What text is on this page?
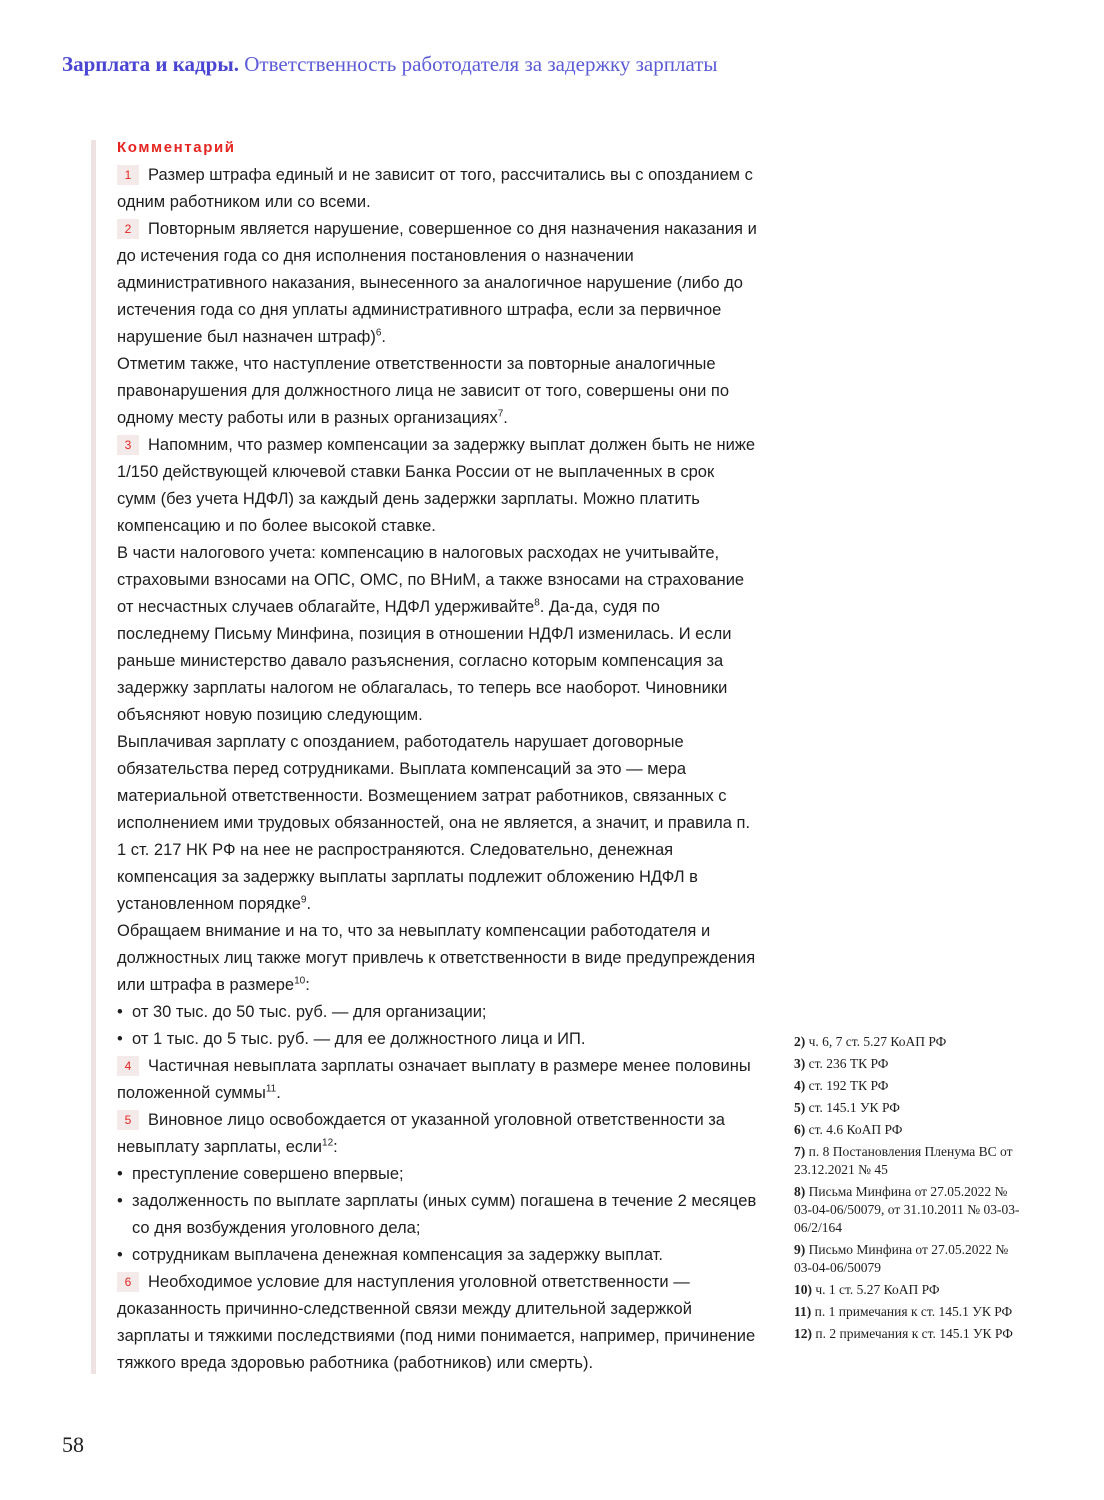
Зарплата и кадры. Ответственность работодателя за задержку зарплаты
Комментарий

1 Размер штрафа единый и не зависит от того, рассчитались вы с опозданием с одним работником или со всеми.

2 Повторным является нарушение, совершенное со дня назначения наказания и до истечения года со дня исполнения постановления о назначении административного наказания, вынесенного за аналогичное нарушение (либо до истечения года со дня уплаты административного штрафа, если за первичное нарушение был назначен штраф)$^6$.

Отметим также, что наступление ответственности за повторные аналогичные правонарушения для должностного лица не зависит от того, совершены они по одному месту работы или в разных организациях$^7$.

3 Напомним, что размер компенсации за задержку выплат должен быть не ниже 1/150 действующей ключевой ставки Банка России от не выплаченных в срок сумм (без учета НДФЛ) за каждый день задержки зарплаты. Можно платить компенсацию и по более высокой ставке.

В части налогового учета: компенсацию в налоговых расходах не учитывайте, страховыми взносами на ОПС, ОМС, по ВНиМ, а также взносами на страхование от несчастных случаев облагайте, НДФЛ удерживайте$^8$. Да-да, судя по последнему Письму Минфина, позиция в отношении НДФЛ изменилась. И если раньше министерство давало разъяснения, согласно которым компенсация за задержку зарплаты налогом не облагалась, то теперь все наоборот. Чиновники объясняют новую позицию следующим.

Выплачивая зарплату с опозданием, работодатель нарушает договорные обязательства перед сотрудниками. Выплата компенсаций за это — мера материальной ответственности. Возмещением затрат работников, связанных с исполнением ими трудовых обязанностей, она не является, а значит, и правила п. 1 ст. 217 НК РФ на нее не распространяются. Следовательно, денежная компенсация за задержку выплаты зарплаты подлежит обложению НДФЛ в установленном порядке$^9$.

Обращаем внимание и на то, что за невыплату компенсации работодателя и должностных лиц также могут привлечь к ответственности в виде предупреждения или штрафа в размере$^{10}$:

• от 30 тыс. до 50 тыс. руб. — для организации;
• от 1 тыс. до 5 тыс. руб. — для ее должностного лица и ИП.

4 Частичная невыплата зарплаты означает выплату в размере менее половины положенной суммы$^{11}$.

5 Виновное лицо освобождается от указанной уголовной ответственности за невыплату зарплаты, если$^{12}$:

• преступление совершено впервые;
• задолженность по выплате зарплаты (иных сумм) погашена в течение 2 месяцев со дня возбуждения уголовного дела;
• сотрудникам выплачена денежная компенсация за задержку выплат.

6 Необходимое условие для наступления уголовной ответственности — доказанность причинно-следственной связи между длительной задержкой зарплаты и тяжкими последствиями (под ними понимается, например, причинение тяжкого вреда здоровью работника (работников) или смерть).

2) ч. 6, 7 ст. 5.27 КоАП РФ
3) ст. 236 ТК РФ
4) ст. 192 ТК РФ
5) ст. 145.1 УК РФ
6) ст. 4.6 КоАП РФ
7) п. 8 Постановления Пленума ВС от 23.12.2021 № 45
8) Письма Минфина от 27.05.2022 № 03-04-06/50079, от 31.10.2011 № 03-03-06/2/164
9) Письмо Минфина от 27.05.2022 № 03-04-06/50079
10) ч. 1 ст. 5.27 КоАП РФ
11) п. 1 примечания к ст. 145.1 УК РФ
12) п. 2 примечания к ст. 145.1 УК РФ
58
